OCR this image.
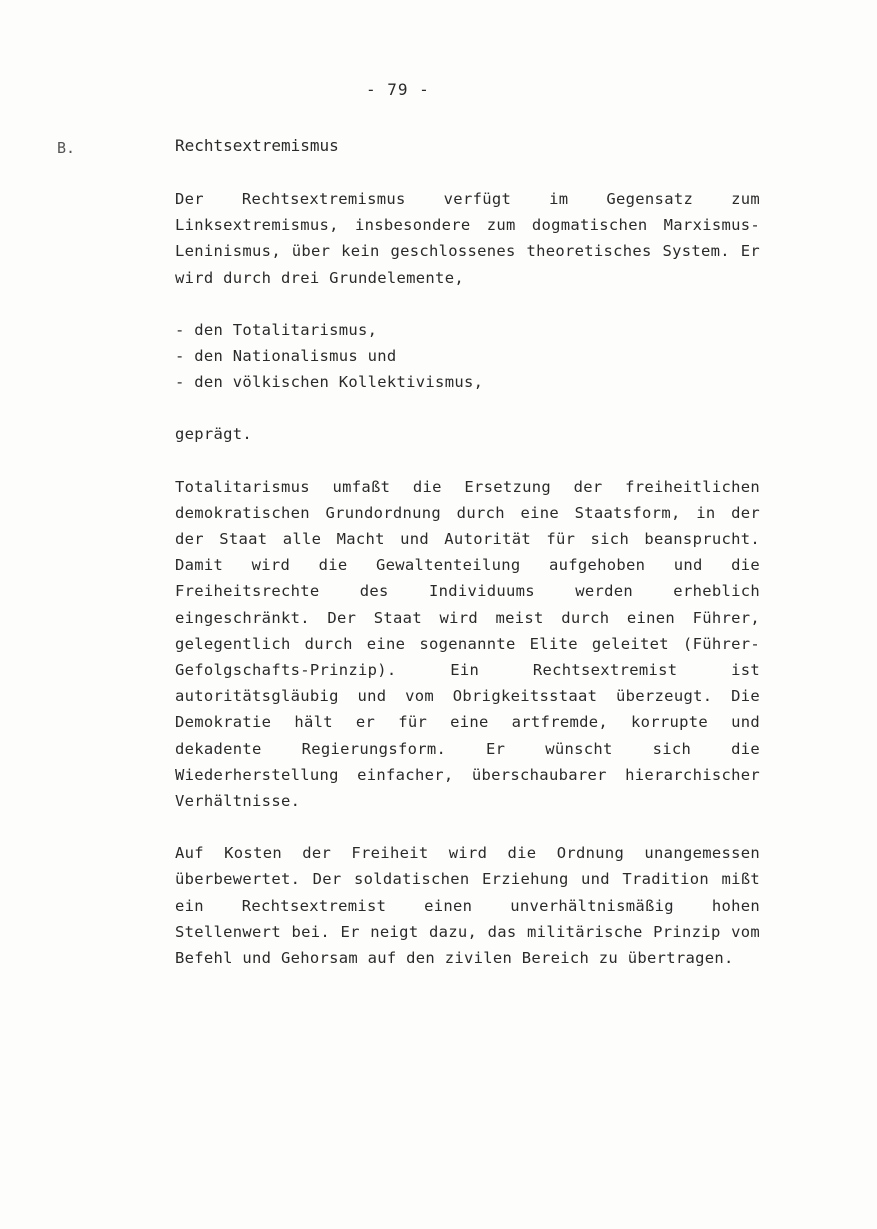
- 79 -
B.	Rechtsextremismus

Der Rechtsextremismus verfügt im Gegensatz zum Linksextremismus, insbesondere zum dogmatischen Marxismus-Leninismus, über kein geschlossenes theoretisches System. Er wird durch drei Grundelemente,

- den Totalitarismus,
- den Nationalismus und
- den völkischen Kollektivismus,

geprägt.

Totalitarismus umfaßt die Ersetzung der freiheitlichen demokratischen Grundordnung durch eine Staatsform, in der der Staat alle Macht und Autorität für sich beansprucht. Damit wird die Gewaltenteilung aufgehoben und die Freiheitsrechte des Individuums werden erheblich eingeschränkt. Der Staat wird meist durch einen Führer, gelegentlich durch eine sogenannte Elite geleitet (Führer-Gefolgschafts-Prinzip). Ein Rechtsextremist ist autoritätsgläubig und vom Obrigkeitsstaat überzeugt. Die Demokratie hält er für eine artfremde, korrupte und dekadente Regierungsform. Er wünscht sich die Wiederherstellung einfacher, überschaubarer hierarchischer Verhältnisse.

Auf Kosten der Freiheit wird die Ordnung unangemessen überbewertet. Der soldatischen Erziehung und Tradition mißt ein Rechtsextremist einen unverhältnismäßig hohen Stellenwert bei. Er neigt dazu, das militärische Prinzip vom Befehl und Gehorsam auf den zivilen Bereich zu übertragen.
